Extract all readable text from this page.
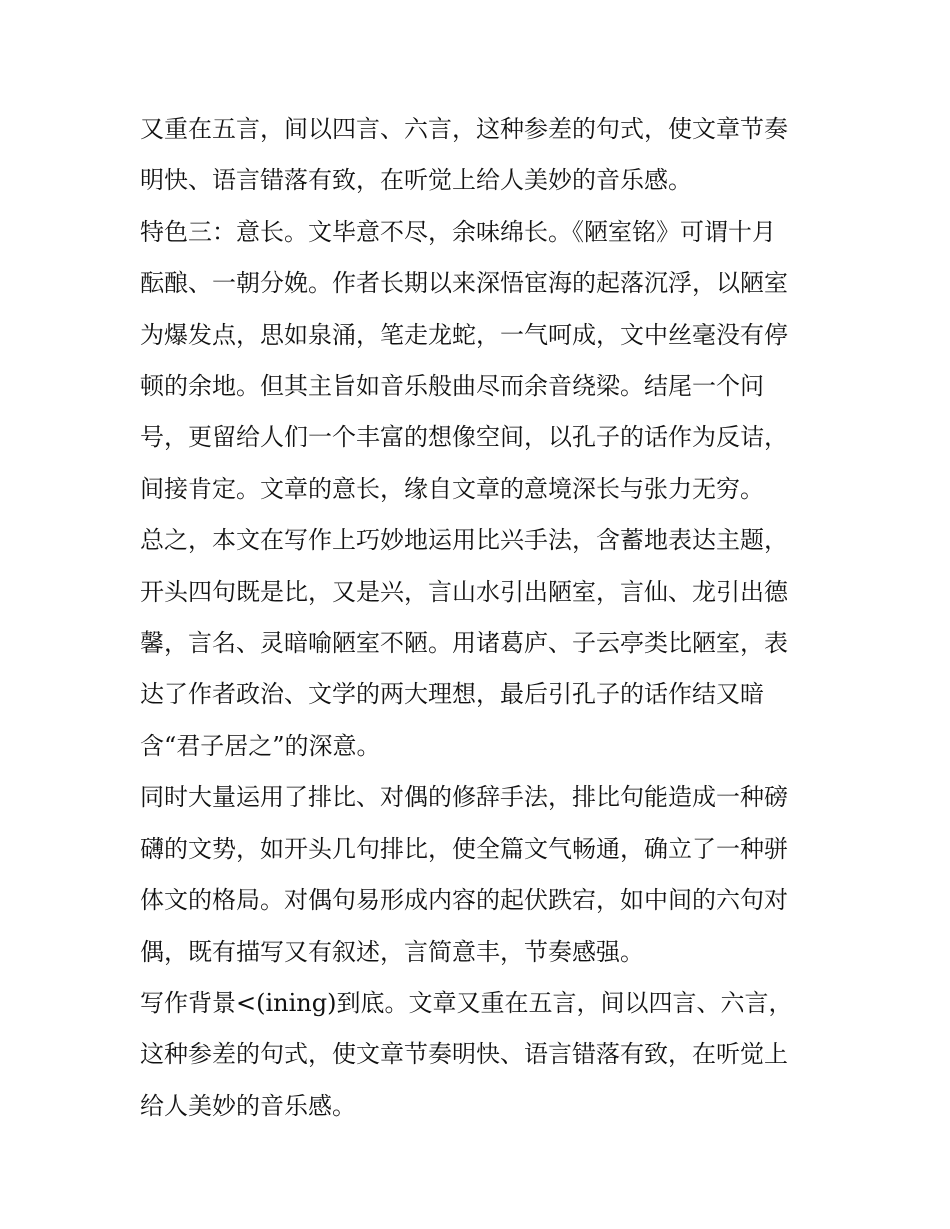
又重在五言，间以四言、六言，这种参差的句式，使文章节奏
明快、语言错落有致，在听觉上给人美妙的音乐感。
特色三：意长。文毕意不尽，余味绵长。《陋室铭》可谓十月
酝酿、一朝分娩。作者长期以来深悟宦海的起落沉浮，以陋室
为爆发点，思如泉涌，笔走龙蛇，一气呵成，文中丝毫没有停
顿的余地。但其主旨如音乐般曲尽而余音绕梁。结尾一个问
号，更留给人们一个丰富的想像空间，以孔子的话作为反诘，
间接肯定。文章的意长，缘自文章的意境深长与张力无穷。
总之，本文在写作上巧妙地运用比兴手法，含蓄地表达主题，
开头四句既是比，又是兴，言山水引出陋室，言仙、龙引出德
馨，言名、灵暗喻陋室不陋。用诸葛庐、子云亭类比陋室，表
达了作者政治、文学的两大理想，最后引孔子的话作结又暗
含“君子居之”的深意。
同时大量运用了排比、对偶的修辞手法，排比句能造成一种磅
礴的文势，如开头几句排比，使全篇文气畅通，确立了一种骈
体文的格局。对偶句易形成内容的起伏跌宕，如中间的六句对
偶，既有描写又有叙述，言简意丰，节奏感强。
写作背景<(ining)到底。文章又重在五言，间以四言、六言，
这种参差的句式，使文章节奏明快、语言错落有致，在听觉上
给人美妙的音乐感。
